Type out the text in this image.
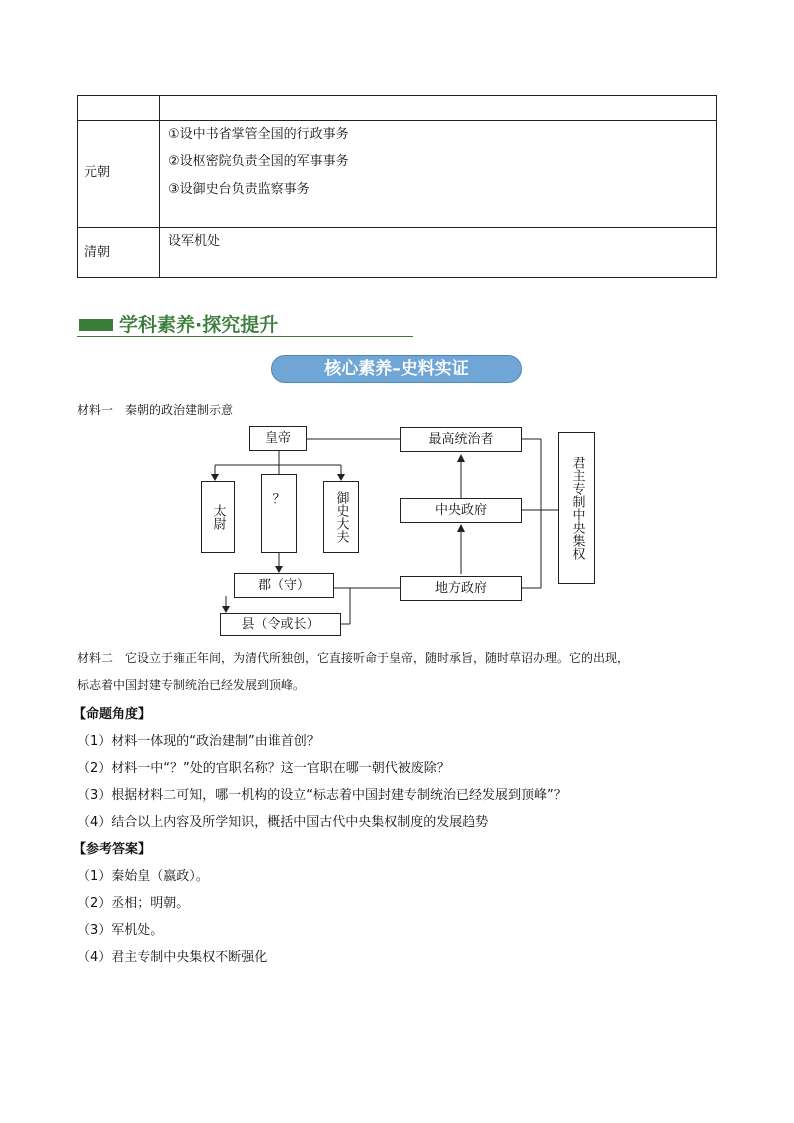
元朝
①设中书省掌管全国的行政事务
②设枢密院负责全国的军事事务
③设御史台负责监察事务
清朝
设军机处
学科素养·探究提升
核心素养–史料实证
材料一　秦朝的政治建制示意
皇帝
太尉
？	御史大夫
郡（守）
县（令或长）
最高统治者
中央政府
地方政府
君主专制中央集权
材料二　它设立于雍正年间，为清代所独创，它直接听命于皇帝，随时承旨，随时草诏办理。它的出现，
标志着中国封建专制统治已经发展到顶峰。
【命题角度】
（1）材料一体现的“政治建制”由谁首创？
（2）材料一中“？”处的官职名称？这一官职在哪一朝代被废除？
（3）根据材料二可知，哪一机构的设立“标志着中国封建专制统治已经发展到顶峰”？
（4）结合以上内容及所学知识，概括中国古代中央集权制度的发展趋势
【参考答案】
（1）秦始皇（嬴政）。
（2）丞相；明朝。
（3）军机处。
（4）君主专制中央集权不断强化
